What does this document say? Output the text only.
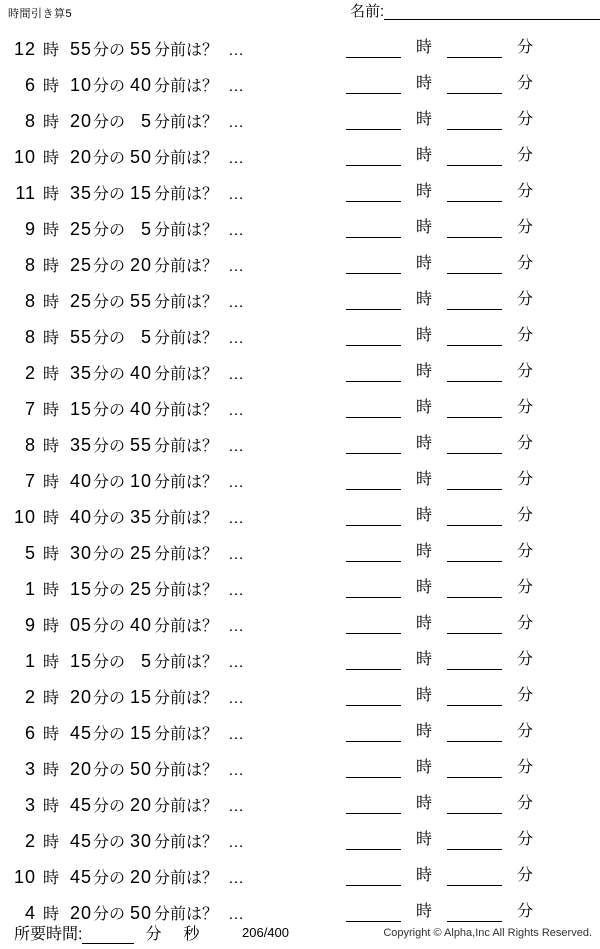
時間引き算5	名前:
12 時 55 分の 55 分前は？ …	時	分
6 時 10 分の 40 分前は？ …	時	分
8 時 20 分の 5 分前は？ …	時	分
10 時 20 分の 50 分前は？ …	時	分
11 時 35 分の 15 分前は？ …	時	分
9 時 25 分の 5 分前は？ …	時	分
8 時 25 分の 20 分前は？ …	時	分
8 時 25 分の 55 分前は？ …	時	分
8 時 55 分の 5 分前は？ …	時	分
2 時 35 分の 40 分前は？ …	時	分
7 時 15 分の 40 分前は？ …	時	分
8 時 35 分の 55 分前は？ …	時	分
7 時 40 分の 10 分前は？ …	時	分
10 時 40 分の 35 分前は？ …	時	分
5 時 30 分の 25 分前は？ …	時	分
1 時 15 分の 25 分前は？ …	時	分
9 時 05 分の 40 分前は？ …	時	分
1 時 15 分の 5 分前は？ …	時	分
2 時 20 分の 15 分前は？ …	時	分
6 時 45 分の 15 分前は？ …	時	分
3 時 20 分の 50 分前は？ …	時	分
3 時 45 分の 20 分前は？ …	時	分
2 時 45 分の 30 分前は？ …	時	分
10 時 45 分の 20 分前は？ …	時	分
4 時 20 分の 50 分前は？ …	時	分
所要時間:	分	秒	206/400	Copyright © Alpha,Inc All Rights Reserved.
